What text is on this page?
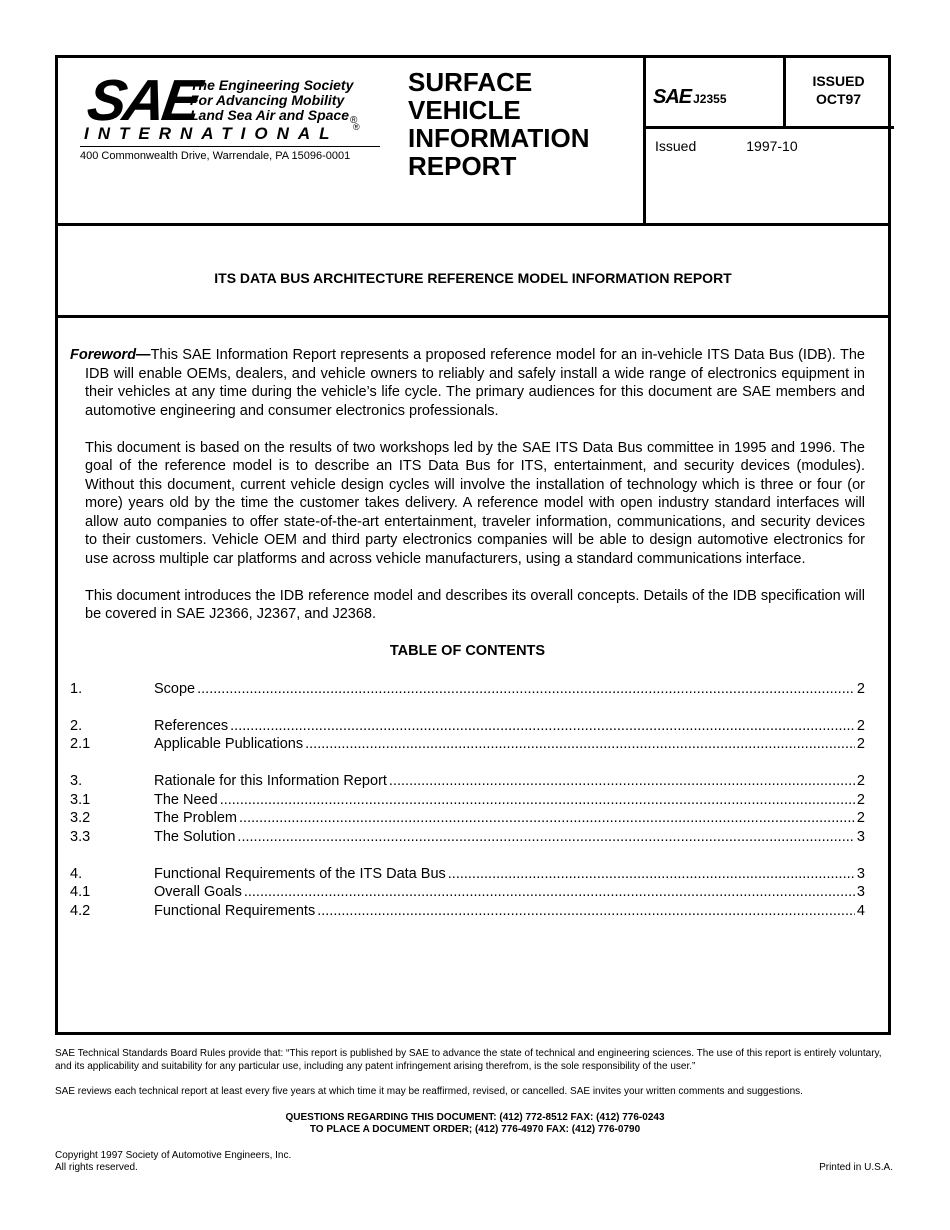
SAE
The Engineering Society
For Advancing Mobility
Land Sea Air and Space ®
INTERNATIONAL ®
400 Commonwealth Drive, Warrendale, PA 15096-0001
SURFACE
VEHICLE
INFORMATION
REPORT
SAE J2355
ISSUED
OCT97
Issued	1997-10
ITS DATA BUS ARCHITECTURE REFERENCE MODEL INFORMATION REPORT

Foreword—This SAE Information Report represents a proposed reference model for an in-vehicle ITS Data Bus (IDB). The IDB will enable OEMs, dealers, and vehicle owners to reliably and safely install a wide range of electronics equipment in their vehicles at any time during the vehicle’s life cycle. The primary audiences for this document are SAE members and automotive engineering and consumer electronics professionals.

This document is based on the results of two workshops led by the SAE ITS Data Bus committee in 1995 and 1996. The goal of the reference model is to describe an ITS Data Bus for ITS, entertainment, and security devices (modules). Without this document, current vehicle design cycles will involve the installation of technology which is three or four (or more) years old by the time the customer takes delivery. A reference model with open industry standard interfaces will allow auto companies to offer state-of-the-art entertainment, traveler information, communications, and security devices to their customers. Vehicle OEM and third party electronics companies will be able to design automotive electronics for use across multiple car platforms and across vehicle manufacturers, using a standard communications interface.

This document introduces the IDB reference model and describes its overall concepts. Details of the IDB specification will be covered in SAE J2366, J2367, and J2368.

TABLE OF CONTENTS
1.	Scope .....	2
2.	References .....	2
2.1	Applicable Publications .....	2
3.	Rationale for this Information Report .....	2
3.1	The Need .....	2
3.2	The Problem .....	2
3.3	The Solution .....	3
4.	Functional Requirements of the ITS Data Bus .....	3
4.1	Overall Goals .....	3
4.2	Functional Requirements .....	4

SAE Technical Standards Board Rules provide that: “This report is published by SAE to advance the state of technical and engineering sciences. The use of this report is entirely voluntary, and its applicability and suitability for any particular use, including any patent infringement arising therefrom, is the sole responsibility of the user.”

SAE reviews each technical report at least every five years at which time it may be reaffirmed, revised, or cancelled. SAE invites your written comments and suggestions.

QUESTIONS REGARDING THIS DOCUMENT: (412) 772-8512 FAX: (412) 776-0243
TO PLACE A DOCUMENT ORDER; (412) 776-4970 FAX: (412) 776-0790
Copyright 1997 Society of Automotive Engineers, Inc.
All rights reserved.	Printed in U.S.A.
